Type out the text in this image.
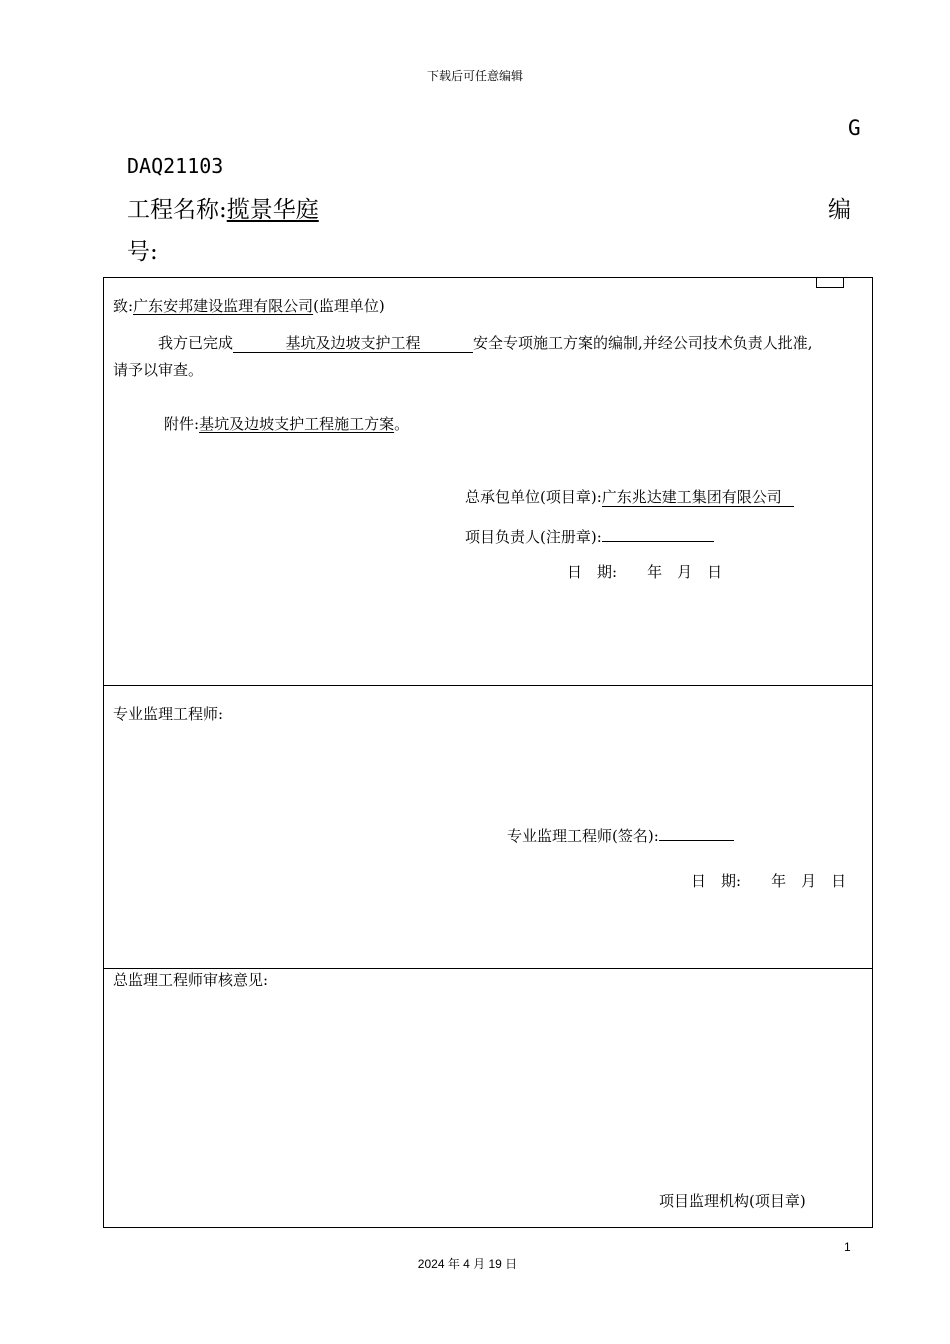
下载后可任意编辑
G
DAQ21103
工程名称:揽景华庭	编
号:
致:广东安邦建设监理有限公司(监理单位)
我方已完成	基坑及边坡支护工程	安全专项施工方案的编制,并经公司技术负责人批准,
请予以审查。
附件:基坑及边坡支护工程施工方案。
总承包单位(项目章):广东兆达建工集团有限公司
项目负责人(注册章):
日　期: 年　月　日
专业监理工程师:
专业监理工程师(签名):
日　期: 年　月　日
总监理工程师审核意见:
项目监理机构(项目章)
1
2024 年 4 月 19 日
